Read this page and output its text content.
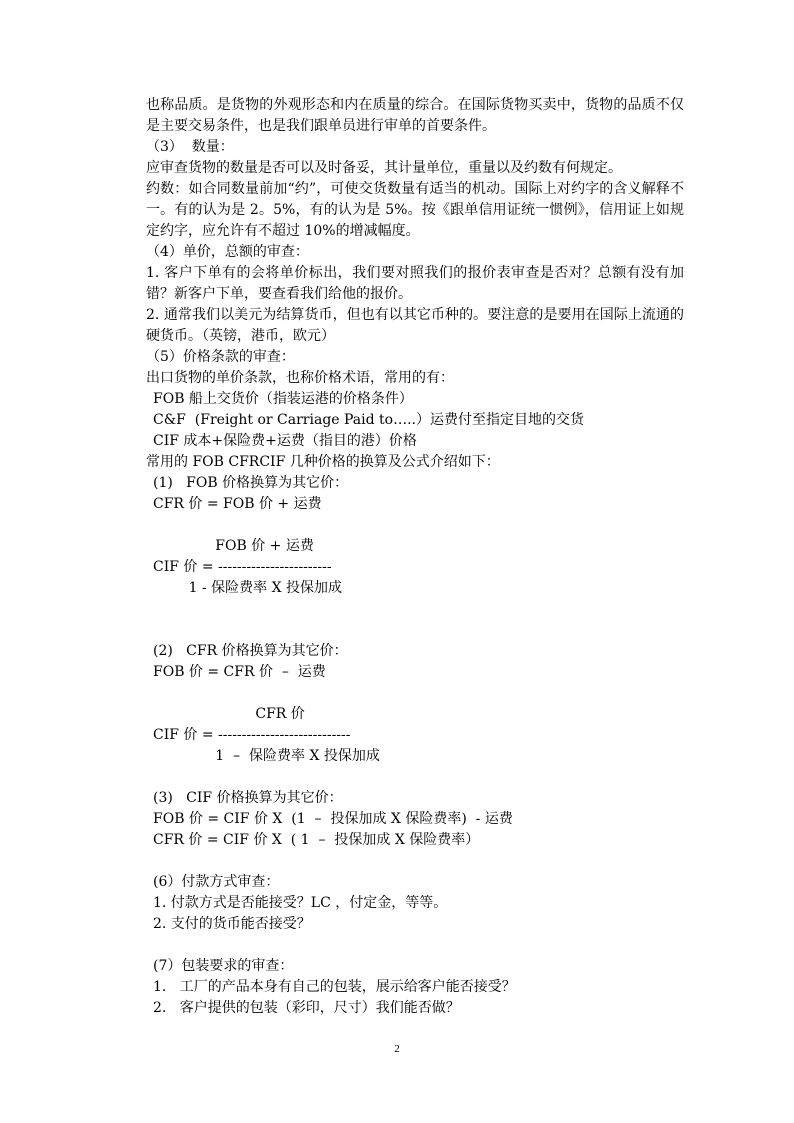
也称品质。是货物的外观形态和内在质量的综合。在国际货物买卖中，货物的品质不仅是主要交易条件，也是我们跟单员进行审单的首要条件。
（3）  数量：
应审查货物的数量是否可以及时备妥，其计量单位，重量以及约数有何规定。
约数：如合同数量前加“约”，可使交货数量有适当的机动。国际上对约字的含义解释不一。有的认为是 2。5%，有的认为是 5%。按《跟单信用证统一惯例》，信用证上如规定约字，应允许有不超过 10%的增减幅度。
（4）单价，总额的审查：
1. 客户下单有的会将单价标出，我们要对照我们的报价表审查是否对？总额有没有加错？新客户下单，要查看我们给他的报价。
2. 通常我们以美元为结算货币，但也有以其它币种的。要注意的是要用在国际上流通的硬货币。（英镑，港币，欧元）
（5）价格条款的审查：
出口货物的单价条款，也称价格术语，常用的有：
FOB 船上交货价（指装运港的价格条件）
C&F  (Freight or Carriage Paid to…..）运费付至指定目地的交货
CIF 成本+保险费+运费（指目的港）价格
常用的 FOB CFRCIF 几种价格的换算及公式介绍如下：
(1)   FOB 价格换算为其它价：
CFR 价 = FOB 价 + 运费
FOB 价 + 运费
CIF 价 = ------------------------
1 - 保险费率 X 投保加成
(2)   CFR 价格换算为其它价：
FOB 价 = CFR 价  –  运费
CFR 价
CIF 价 = ----------------------------
1  –  保险费率 X 投保加成
(3)   CIF 价格换算为其它价：
FOB 价 = CIF 价 X  (1  –  投保加成 X 保险费率)  - 运费
CFR 价 = CIF 价 X  ( 1  –  投保加成 X 保险费率）
(6）付款方式审查：
1. 付款方式是否能接受？LC ，付定金，等等。
2. 支付的货币能否接受？
(7）包装要求的审查：
1.   工厂的产品本身有自己的包装，展示给客户能否接受？
2.   客户提供的包装（彩印，尺寸）我们能否做？
2
